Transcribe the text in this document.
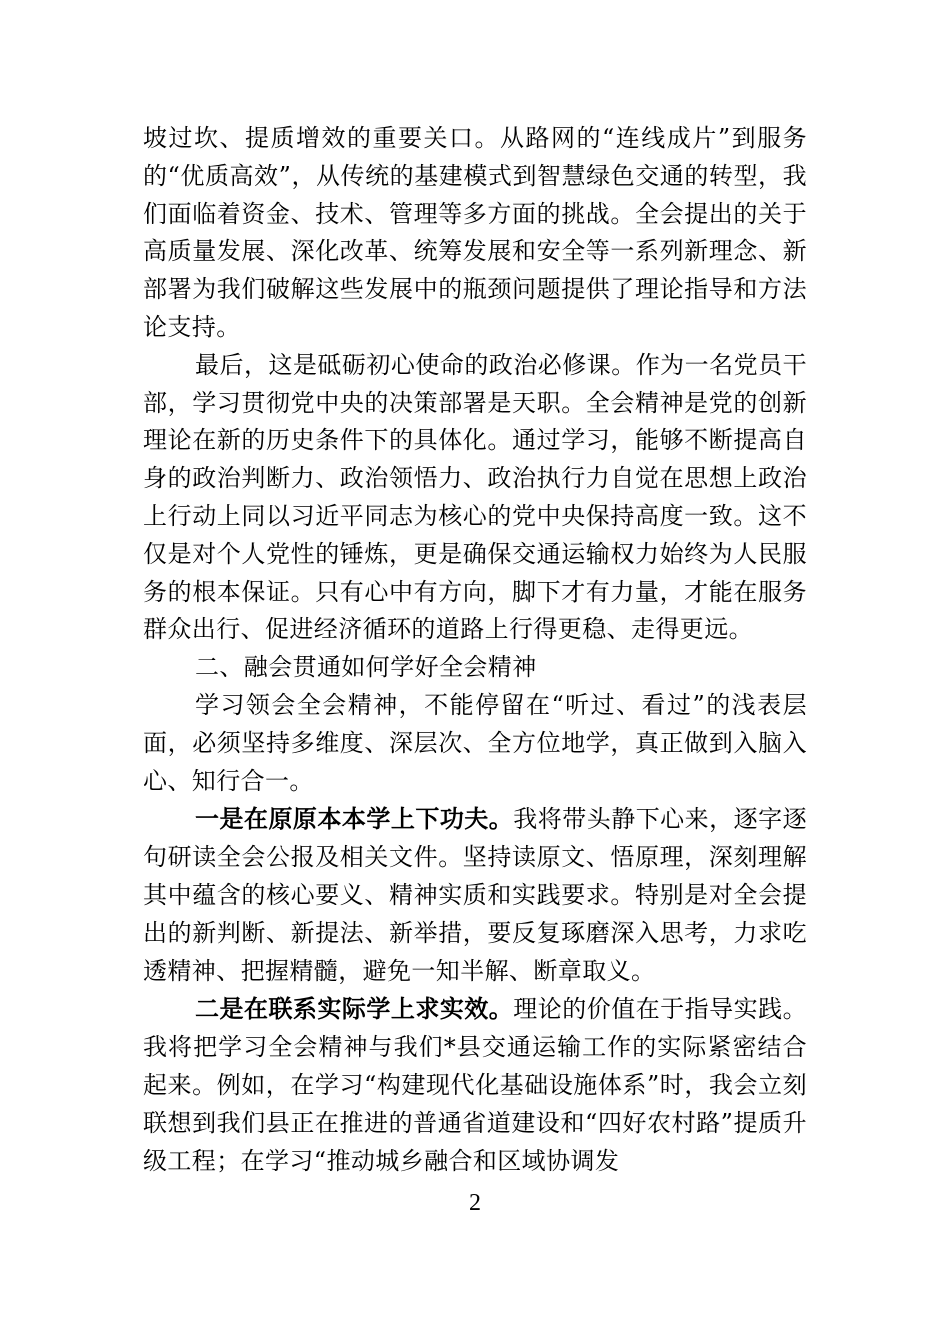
坡过坎、提质增效的重要关口。从路网的“连线成片”到服务的“优质高效”，从传统的基建模式到智慧绿色交通的转型，我们面临着资金、技术、管理等多方面的挑战。全会提出的关于高质量发展、深化改革、统筹发展和安全等一系列新理念、新部署为我们破解这些发展中的瓶颈问题提供了理论指导和方法论支持。

最后，这是砥砺初心使命的政治必修课。作为一名党员干部，学习贯彻党中央的决策部署是天职。全会精神是党的创新理论在新的历史条件下的具体化。通过学习，能够不断提高自身的政治判断力、政治领悟力、政治执行力自觉在思想上政治上行动上同以习近平同志为核心的党中央保持高度一致。这不仅是对个人党性的锤炼，更是确保交通运输权力始终为人民服务的根本保证。只有心中有方向，脚下才有力量，才能在服务群众出行、促进经济循环的道路上行得更稳、走得更远。

二、融会贯通如何学好全会精神

学习领会全会精神，不能停留在“听过、看过”的浅表层面，必须坚持多维度、深层次、全方位地学，真正做到入脑入心、知行合一。

一是在原原本本学上下功夫。我将带头静下心来，逐字逐句研读全会公报及相关文件。坚持读原文、悟原理，深刻理解其中蕴含的核心要义、精神实质和实践要求。特别是对全会提出的新判断、新提法、新举措，要反复琢磨深入思考，力求吃透精神、把握精髓，避免一知半解、断章取义。

二是在联系实际学上求实效。理论的价值在于指导实践。我将把学习全会精神与我们*县交通运输工作的实际紧密结合起来。例如，在学习“构建现代化基础设施体系”时，我会立刻联想到我们县正在推进的普通省道建设和“四好农村路”提质升级工程；在学习“推动城乡融合和区域协调发

2
